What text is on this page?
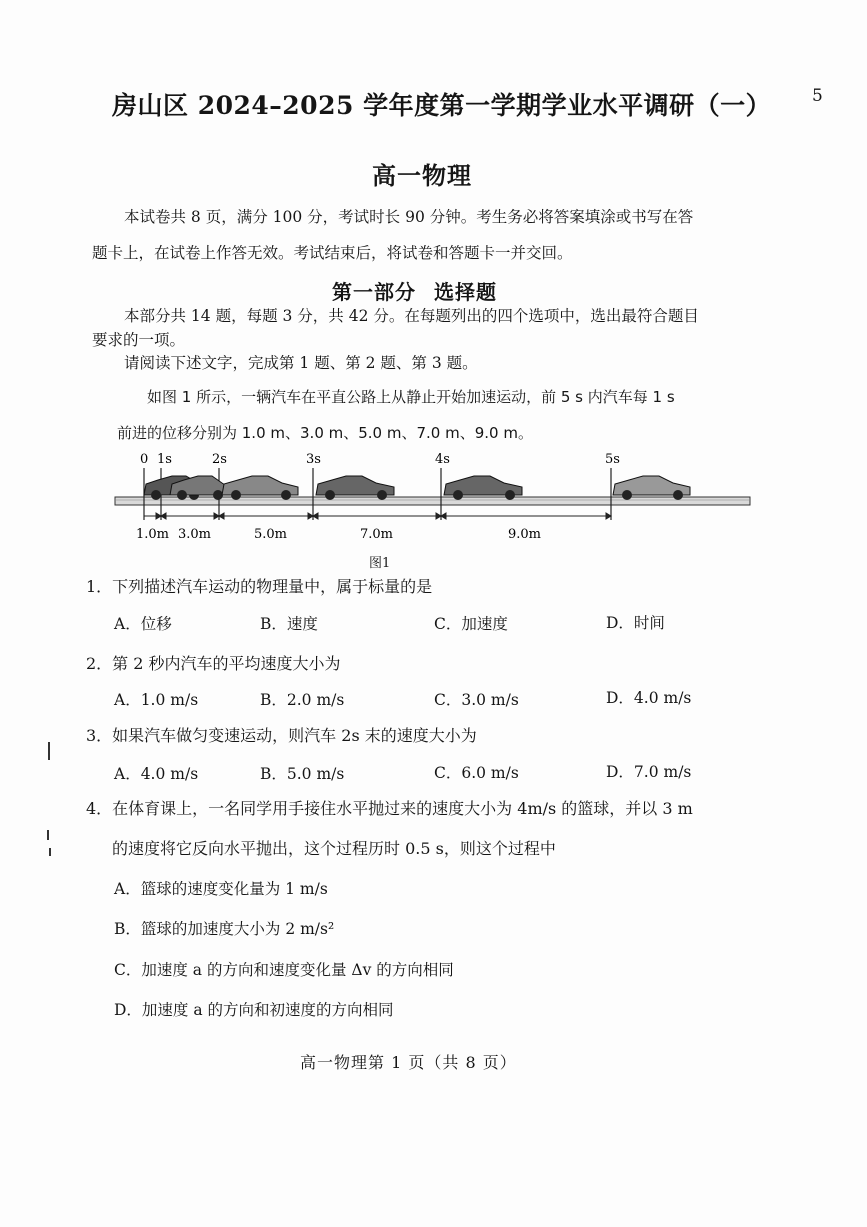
房山区 2024–2025 学年度第一学期学业水平调研（一） 5
高一物理
本试卷共 8 页，满分 100 分，考试时长 90 分钟。考生务必将答案填涂或书写在答
题卡上，在试卷上作答无效。考试结束后，将试卷和答题卡一并交回。
第一部分 选择题
本部分共 14 题，每题 3 分，共 42 分。在每题列出的四个选项中，选出最符合题目
要求的一项。
请阅读下述文字，完成第 1 题、第 2 题、第 3 题。
如图 1 所示，一辆汽车在平直公路上从静止开始加速运动，前 5 s 内汽车每 1 s
前进的位移分别为 1.0 m、3.0 m、5.0 m、7.0 m、9.0 m。
0 1s	2s	3s	4s	5s
1.0m 3.0m	5.0m	7.0m	9.0m
图1
1．下列描述汽车运动的物理量中，属于标量的是
A．位移	B．速度	C．加速度	D．时间
2．第 2 秒内汽车的平均速度大小为
A．1.0 m/s	B．2.0 m/s	C．3.0 m/s	D．4.0 m/s
3．如果汽车做匀变速运动，则汽车 2s 末的速度大小为
A．4.0 m/s	B．5.0 m/s	C．6.0 m/s	D．7.0 m/s
4．在体育课上，一名同学用手接住水平抛过来的速度大小为 4m/s 的篮球，并以 3 m
的速度将它反向水平抛出，这个过程历时 0.5 s，则这个过程中
A．篮球的速度变化量为 1 m/s
B．篮球的加速度大小为 2 m/s²
C．加速度 a 的方向和速度变化量 Δv 的方向相同
D．加速度 a 的方向和初速度的方向相同
高一物理第 1 页（共 8 页）
